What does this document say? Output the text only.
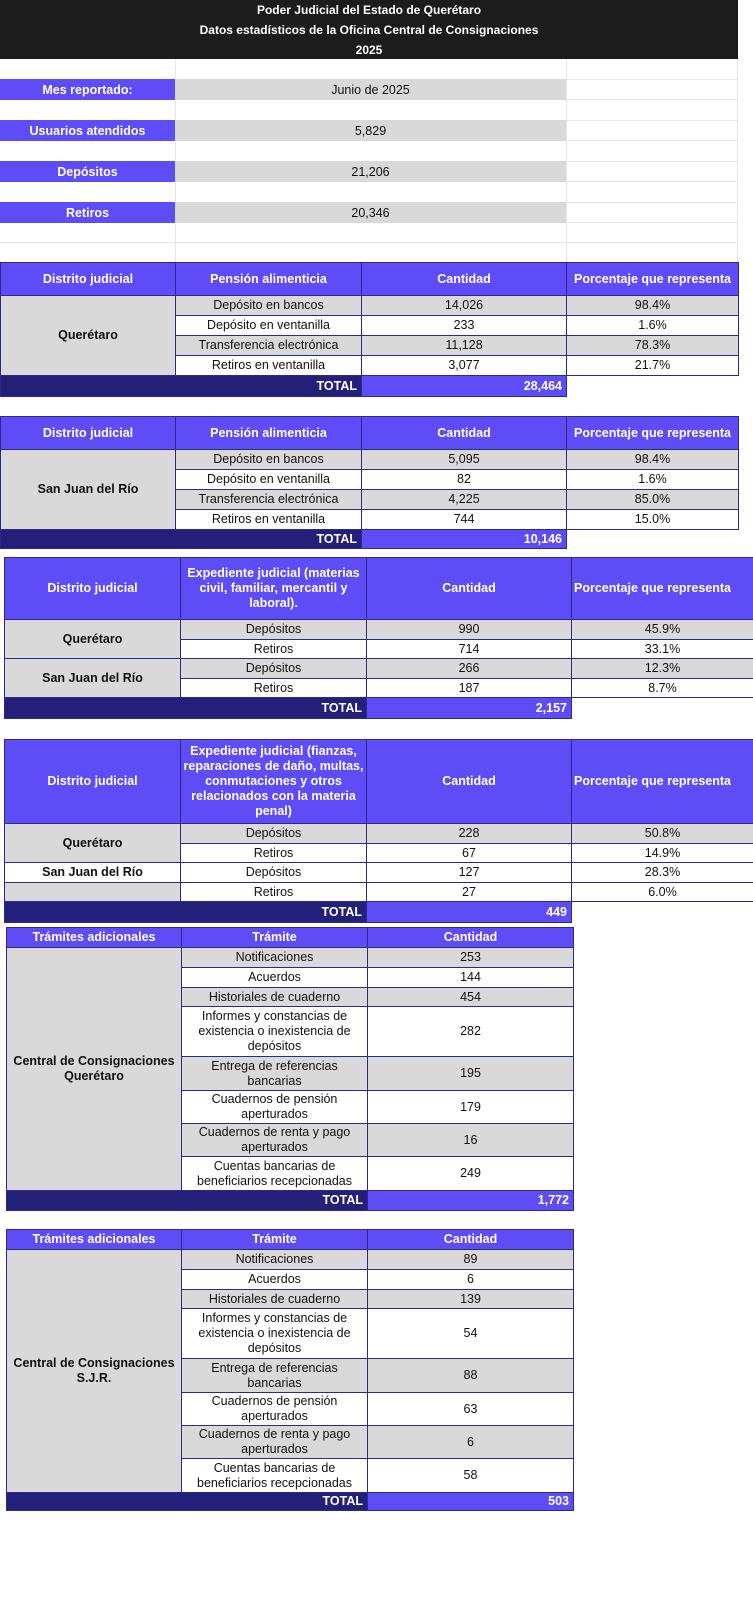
Poder Judicial del Estado de Querétaro
Datos estadísticos de la Oficina Central de Consignaciones
2025
Mes reportado:	Junio de 2025
Usuarios atendidos	5,829
Depósitos	21,206
Retiros	20,346
Distrito judicial	Pensión alimenticia	Cantidad	Porcentaje que representa
Querétaro	Depósito en bancos	14,026	98.4%
	Depósito en ventanilla	233	1.6%
	Transferencia electrónica	11,128	78.3%
	Retiros en ventanilla	3,077	21.7%
TOTAL		28,464	
Distrito judicial	Pensión alimenticia	Cantidad	Porcentaje que representa
San Juan del Río	Depósito en bancos	5,095	98.4%
	Depósito en ventanilla	82	1.6%
	Transferencia electrónica	4,225	85.0%
	Retiros en ventanilla	744	15.0%
TOTAL		10,146	
Distrito judicial	Expediente judicial (materias civil, familiar, mercantil y laboral).	Cantidad	Porcentaje que representa
Querétaro	Depósitos	990	45.9%
	Retiros	714	33.1%
San Juan del Río	Depósitos	266	12.3%
	Retiros	187	8.7%
TOTAL		2,157	
Distrito judicial	Expediente judicial (fianzas, reparaciones de daño, multas, conmutaciones y otros relacionados con la materia penal)	Cantidad	Porcentaje que representa
Querétaro	Depósitos	228	50.8%
	Retiros	67	14.9%
San Juan del Río	Depósitos	127	28.3%
	Retiros	27	6.0%
TOTAL		449	
Trámites adicionales	Trámite	Cantidad
Central de Consignaciones Querétaro	Notificaciones	253
	Acuerdos	144
	Historiales de cuaderno	454
	Informes y constancias de existencia o inexistencia de depósitos	282
	Entrega de referencias bancarias	195
	Cuadernos de pensión aperturados	179
	Cuadernos de renta y pago aperturados	16
	Cuentas bancarias de beneficiarios recepcionadas	249
TOTAL		1,772
Trámites adicionales	Trámite	Cantidad
Central de Consignaciones S.J.R.	Notificaciones	89
	Acuerdos	6
	Historiales de cuaderno	139
	Informes y constancias de existencia o inexistencia de depósitos	54
	Entrega de referencias bancarias	88
	Cuadernos de pensión aperturados	63
	Cuadernos de renta y pago aperturados	6
	Cuentas bancarias de beneficiarios recepcionadas	58
TOTAL		503
